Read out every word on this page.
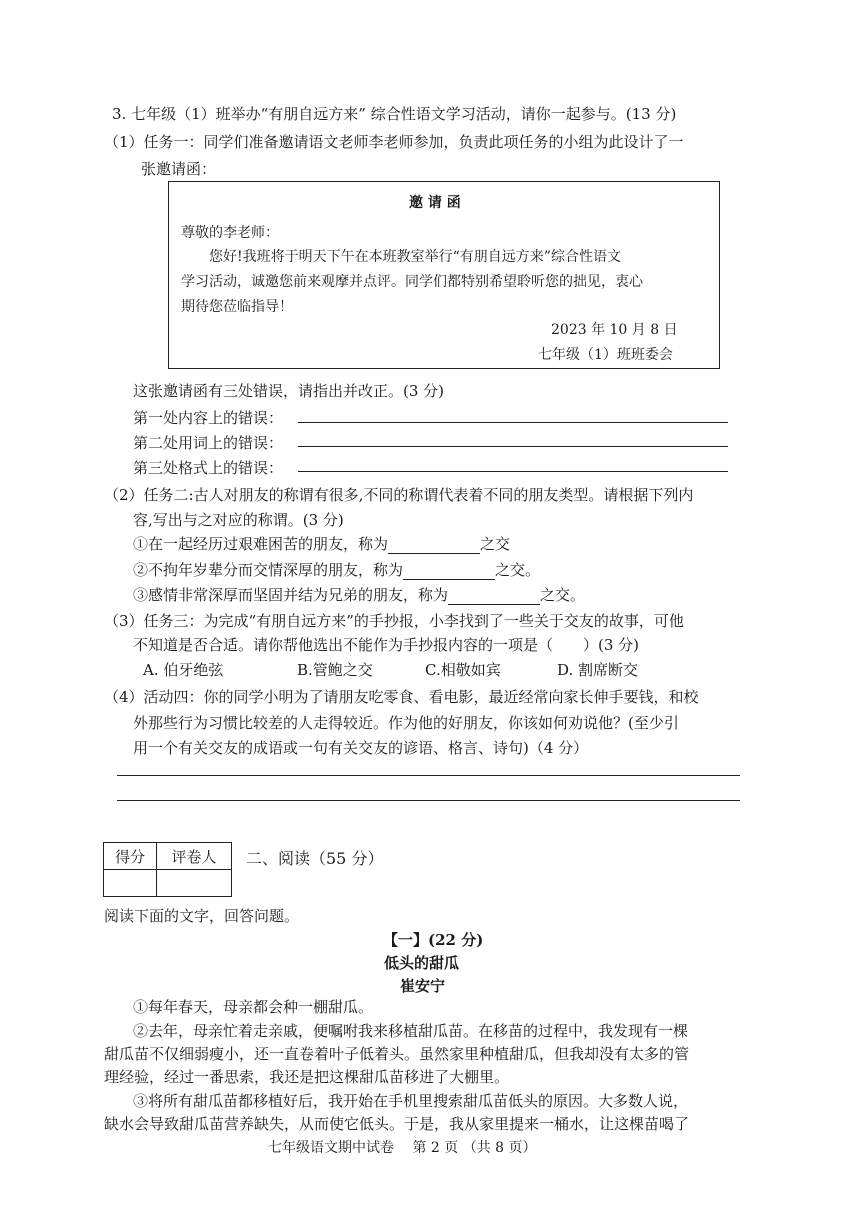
3. 七年级（1）班举办“有朋自远方来” 综合性语文学习活动，请你一起参与。(13 分)
（1）任务一：同学们准备邀请语文老师李老师参加，负责此项任务的小组为此设计了一
张邀请函：
邀 请 函
尊敬的李老师：
您好!我班将于明天下午在本班教室举行“有朋自远方来”综合性语文
学习活动，诚邀您前来观摩并点评。同学们都特别希望聆听您的拙见，衷心
期待您莅临指导！
2023 年 10 月 8 日
七年级（1）班班委会
这张邀请函有三处错误，请指出并改正。(3 分)
第一处内容上的错误：
第二处用词上的错误：
第三处格式上的错误：
（2）任务二:古人对朋友的称谓有很多,不同的称谓代表着不同的朋友类型。请根据下列内
容,写出与之对应的称谓。(3 分)
①在一起经历过艰难困苦的朋友，称为	之交
②不拘年岁辈分而交情深厚的朋友，称为	之交。
③感情非常深厚而坚固并结为兄弟的朋友，称为	之交。
（3）任务三：为完成“有朋自远方来”的手抄报，小李找到了一些关于交友的故事，可他
不知道是否合适。请你帮他选出不能作为手抄报内容的一项是（　　）(3 分)
A. 伯牙绝弦	B.管鲍之交	C.相敬如宾	D. 割席断交
（4）活动四：你的同学小明为了请朋友吃零食、看电影，最近经常向家长伸手要钱，和校
外那些行为习惯比较差的人走得较近。作为他的好朋友，你该如何劝说他？(至少引
用一个有关交友的成语或一句有关交友的谚语、格言、诗句)（4 分）
得分	评卷人
	二、阅读（55 分）
阅读下面的文字，回答问题。
【一】(22 分)
低头的甜瓜
崔安宁
①每年春天，母亲都会种一棚甜瓜。
②去年，母亲忙着走亲戚，便嘱咐我来移植甜瓜苗。在移苗的过程中，我发现有一棵
甜瓜苗不仅细弱瘦小，还一直卷着叶子低着头。虽然家里种植甜瓜，但我却没有太多的管
理经验，经过一番思索，我还是把这棵甜瓜苗移进了大棚里。
③将所有甜瓜苗都移植好后，我开始在手机里搜索甜瓜苗低头的原因。大多数人说，
缺水会导致甜瓜苗营养缺失，从而使它低头。于是，我从家里提来一桶水，让这棵苗喝了
七年级语文期中试卷　 第 2 页 （共 8 页）
